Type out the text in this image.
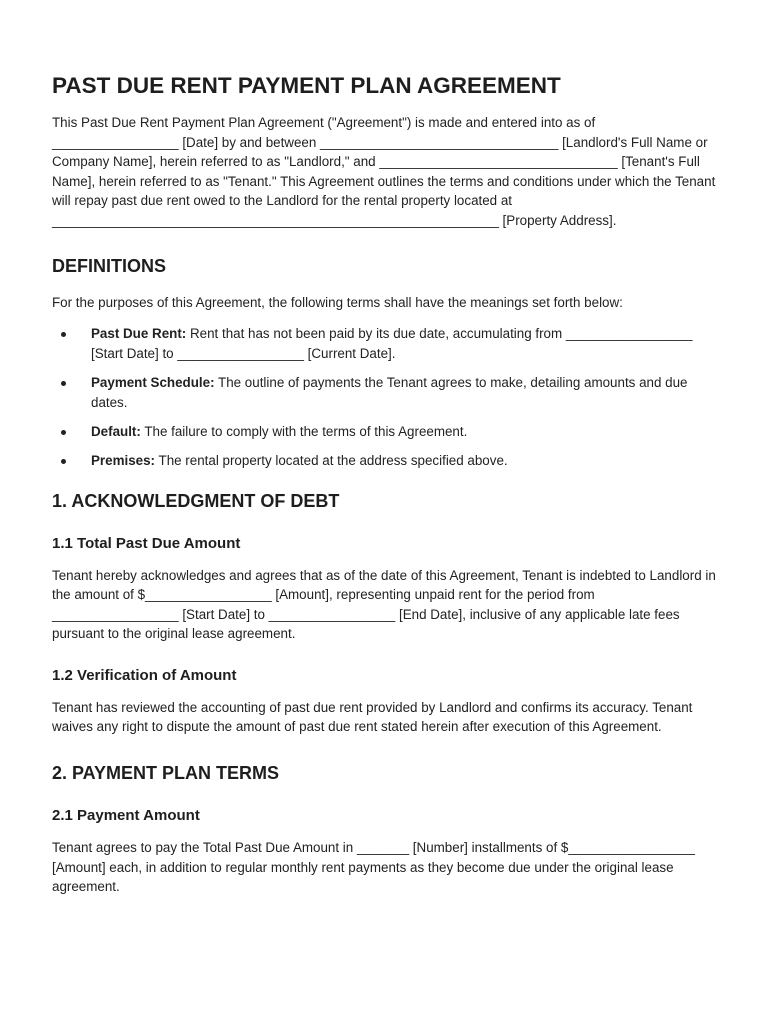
PAST DUE RENT PAYMENT PLAN AGREEMENT

This Past Due Rent Payment Plan Agreement ("Agreement") is made and entered into as of _________________ [Date] by and between ________________________________ [Landlord's Full Name or Company Name], herein referred to as "Landlord," and ________________________________ [Tenant's Full Name], herein referred to as "Tenant." This Agreement outlines the terms and conditions under which the Tenant will repay past due rent owed to the Landlord for the rental property located at ____________________________________________________________ [Property Address].

DEFINITIONS

For the purposes of this Agreement, the following terms shall have the meanings set forth below:

Past Due Rent: Rent that has not been paid by its due date, accumulating from _________________ [Start Date] to _________________ [Current Date].
Payment Schedule: The outline of payments the Tenant agrees to make, detailing amounts and due dates.
Default: The failure to comply with the terms of this Agreement.
Premises: The rental property located at the address specified above.
1. ACKNOWLEDGMENT OF DEBT
1.1 Total Past Due Amount

Tenant hereby acknowledges and agrees that as of the date of this Agreement, Tenant is indebted to Landlord in the amount of $_________________ [Amount], representing unpaid rent for the period from _________________ [Start Date] to _________________ [End Date], inclusive of any applicable late fees pursuant to the original lease agreement.

1.2 Verification of Amount

Tenant has reviewed the accounting of past due rent provided by Landlord and confirms its accuracy. Tenant waives any right to dispute the amount of past due rent stated herein after execution of this Agreement.

2. PAYMENT PLAN TERMS
2.1 Payment Amount

Tenant agrees to pay the Total Past Due Amount in _______ [Number] installments of $_________________ [Amount] each, in addition to regular monthly rent payments as they become due under the original lease agreement.
